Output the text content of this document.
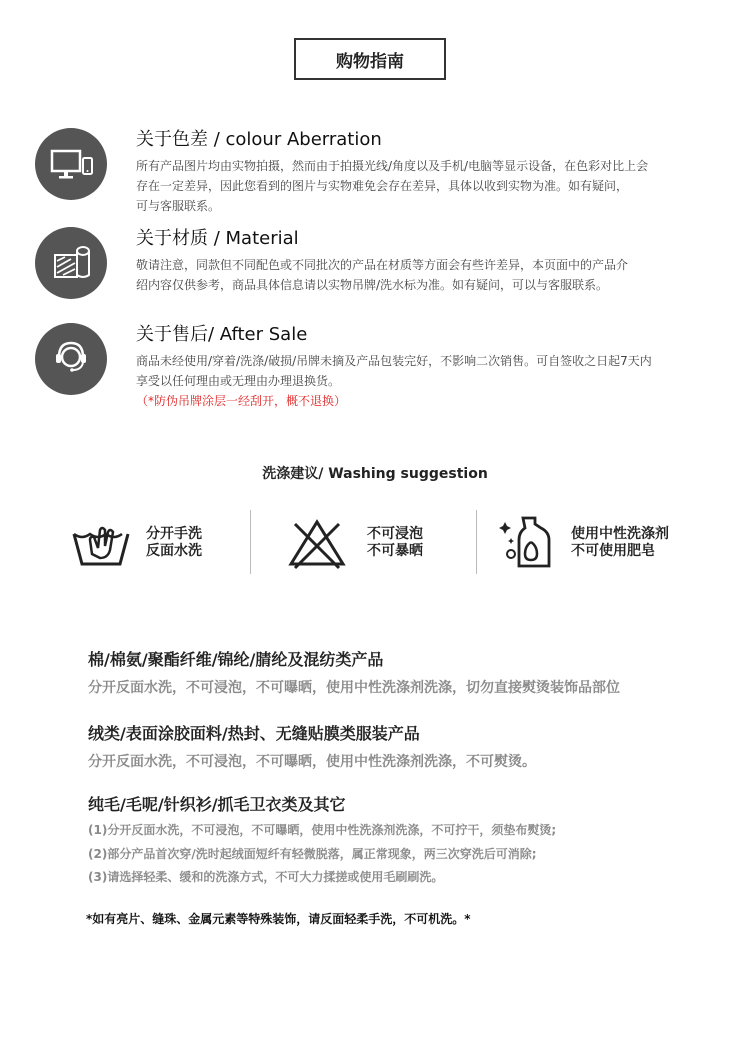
购物指南

关于色差 / colour Aberration

所有产品图片均由实物拍摄，然而由于拍摄光线/角度以及手机/电脑等显示设备，在色彩对比上会

存在一定差异，因此您看到的图片与实物难免会存在差异，具体以收到实物为准。如有疑问，

可与客服联系。

关于材质 / Material

敬请注意，同款但不同配色或不同批次的产品在材质等方面会有些许差异，本页面中的产品介

绍内容仅供参考，商品具体信息请以实物吊牌/洗水标为准。如有疑问，可以与客服联系。

关于售后/ After Sale

商品未经使用/穿着/洗涤/破损/吊牌未摘及产品包装完好，不影响二次销售。可自签收之日起7天内

享受以任何理由或无理由办理退换货。

（*防伪吊牌涂层一经刮开，概不退换）

洗涤建议/ Washing suggestion
分开手洗
反面水洗
不可浸泡
不可暴晒
使用中性洗涤剂
不可使用肥皂
棉/棉氨/聚酯纤维/锦纶/腈纶及混纺类产品
分开反面水洗，不可浸泡，不可曝晒，使用中性洗涤剂洗涤，切勿直接熨烫装饰品部位
绒类/表面涂胶面料/热封、无缝贴膜类服装产品
分开反面水洗，不可浸泡，不可曝晒，使用中性洗涤剂洗涤，不可熨烫。
纯毛/毛呢/针织衫/抓毛卫衣类及其它
(1)分开反面水洗，不可浸泡，不可曝晒，使用中性洗涤剂洗涤，不可拧干，须垫布熨烫;
(2)部分产品首次穿/洗时起绒面短纤有轻微脱落，属正常现象，两三次穿洗后可消除;
(3)请选择轻柔、缓和的洗涤方式，不可大力揉搓或使用毛刷刷洗。
*如有亮片、缝珠、金属元素等特殊装饰，请反面轻柔手洗，不可机洗。*
